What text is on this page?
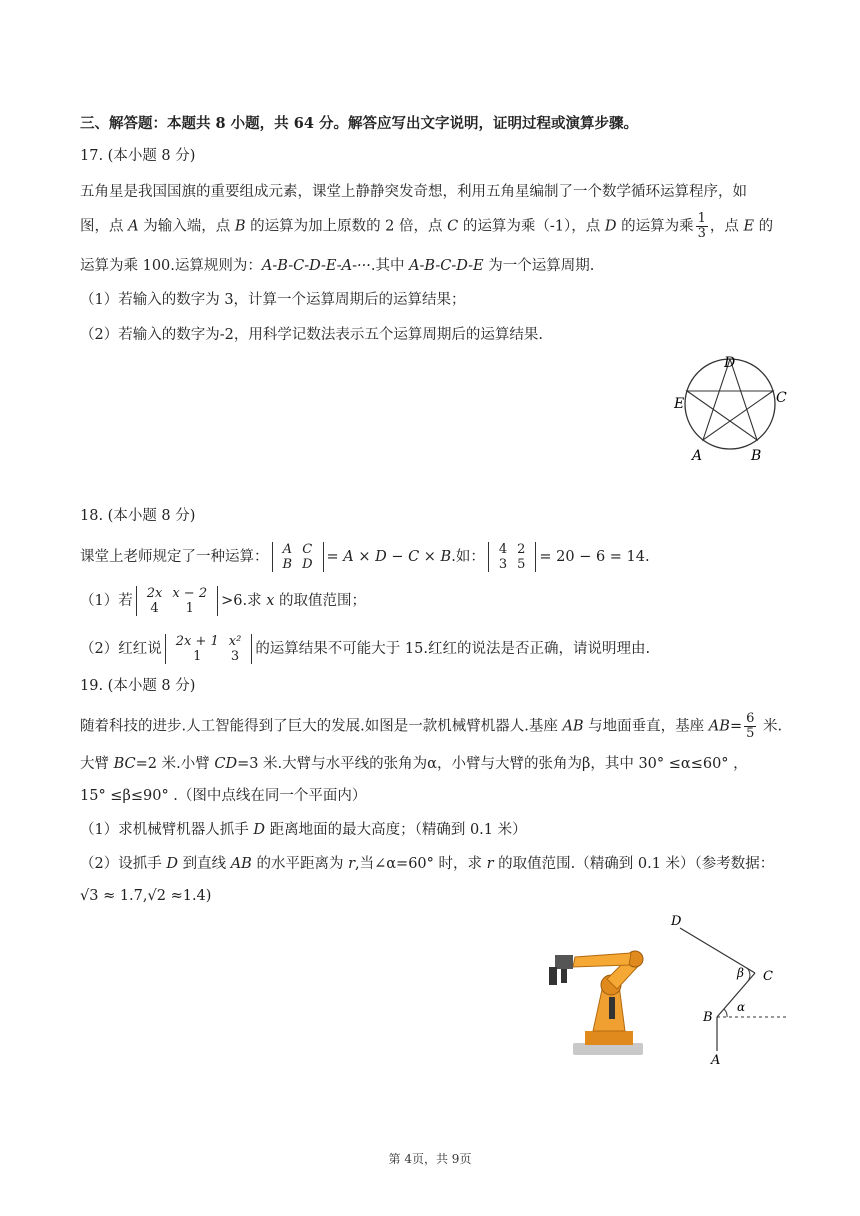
三、解答题：本题共 8 小题，共 64 分。解答应写出文字说明，证明过程或演算步骤。
17. (本小题 8 分)
五角星是我国国旗的重要组成元素，课堂上静静突发奇想，利用五角星编制了一个数学循环运算程序，如
图，点 A 为输入端，点 B 的运算为加上原数的 2 倍，点 C 的运算为乘（-1），点 D 的运算为乘 $\frac{1}{3}$ ，点 E 的
运算为乘 100.运算规则为：A-B-C-D-E-A-···.其中 A-B-C-D-E 为一个运算周期.
（1）若输入的数字为 3，计算一个运算周期后的运算结果；
（2）若输入的数字为-2，用科学记数法表示五个运算周期后的运算结果.
D
C
E
A	B
18. (本小题 8 分)
课堂上老师规定了一种运算： A	C
B	D = A × D − C × B.如： 4	2
3	5 = 20 − 6 = 14.
（1）若 2x	x − 2
4	1 >6.求 x 的取值范围；
（2）红红说 2x + 1	x²
1	3 的运算结果不可能大于 15.红红的说法是否正确，请说明理由.
19. (本小题 8 分)
随着科技的进步.人工智能得到了巨大的发展.如图是一款机械臂机器人.基座 AB 与地面垂直，基座 $AB= \frac{6}{5}$ 米.
大臂 BC=2 米.小臂 CD=3 米.大臂与水平线的张角为α，小臂与大臂的张角为β，其中 30° ≤α≤60° ，
15° ≤β≤90° .（图中点线在同一个平面内）
（1）求机械臂机器人抓手 D 距离地面的最大高度；（精确到 0.1 米）
（2）设抓手 D 到直线 AB 的水平距离为 r,当∠α=60° 时，求 r 的取值范围.（精确到 0.1 米）（参考数据：
√3 ≈ 1.7,√2 ≈1.4)
D
C
B
A
α
β
第 4页，共 9页
